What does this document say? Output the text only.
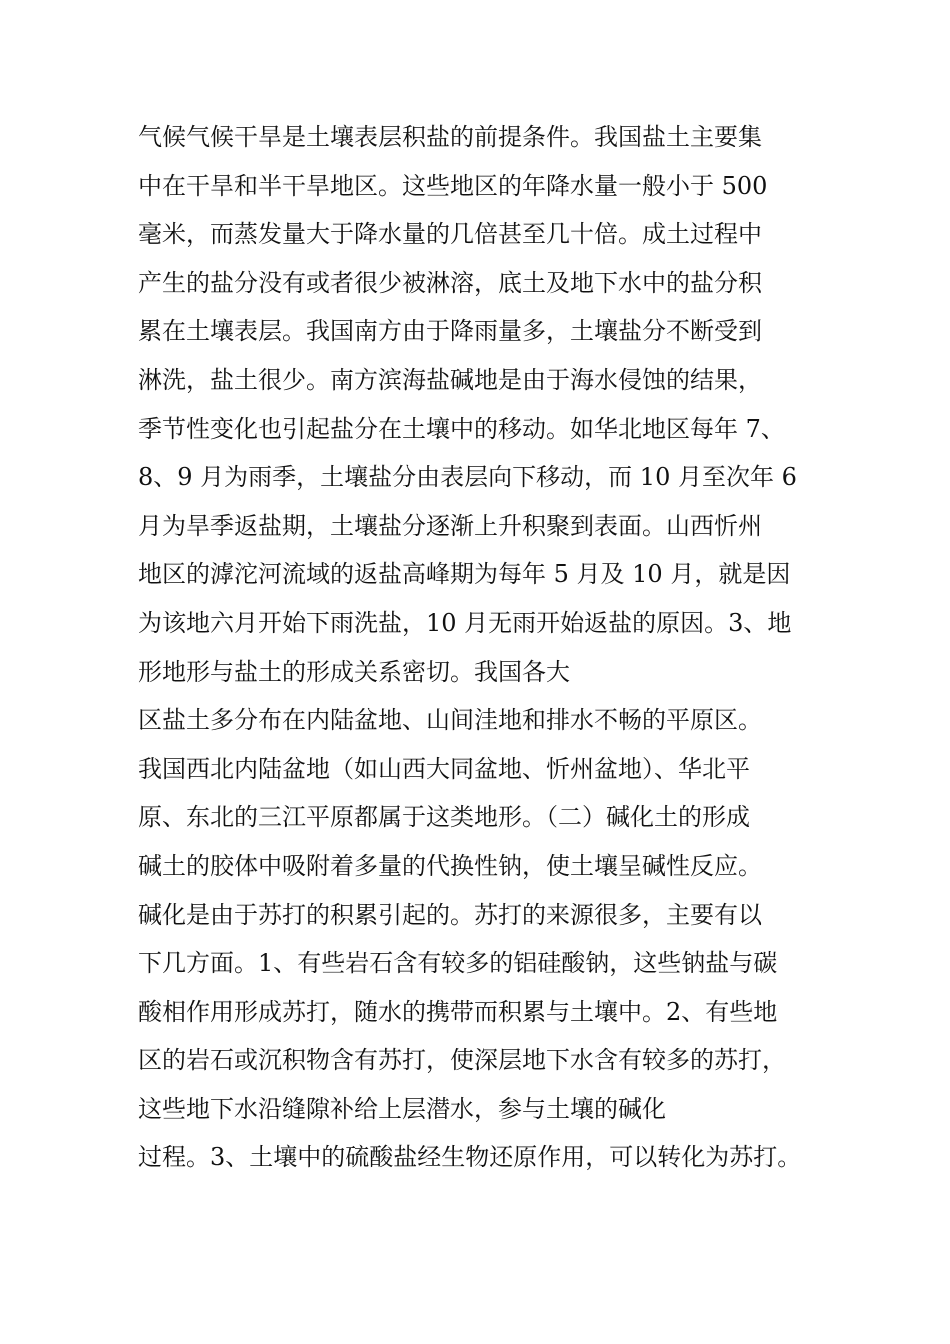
气候气候干旱是土壤表层积盐的前提条件。我国盐土主要集
中在干旱和半干旱地区。这些地区的年降水量一般小于 500
毫米，而蒸发量大于降水量的几倍甚至几十倍。成土过程中
产生的盐分没有或者很少被淋溶，底土及地下水中的盐分积
累在土壤表层。我国南方由于降雨量多，土壤盐分不断受到
淋洗，盐土很少。南方滨海盐碱地是由于海水侵蚀的结果，
季节性变化也引起盐分在土壤中的移动。如华北地区每年 7、
8、9 月为雨季，土壤盐分由表层向下移动，而 10 月至次年 6
月为旱季返盐期，土壤盐分逐渐上升积聚到表面。山西忻州
地区的滹沱河流域的返盐高峰期为每年 5 月及 10 月，就是因
为该地六月开始下雨洗盐，10 月无雨开始返盐的原因。3、地
形地形与盐土的形成关系密切。我国各大
区盐土多分布在内陆盆地、山间洼地和排水不畅的平原区。
我国西北内陆盆地（如山西大同盆地、忻州盆地）、华北平
原、东北的三江平原都属于这类地形。（二）碱化土的形成
碱土的胶体中吸附着多量的代换性钠，使土壤呈碱性反应。
碱化是由于苏打的积累引起的。苏打的来源很多，主要有以
下几方面。1、有些岩石含有较多的铝硅酸钠，这些钠盐与碳
酸相作用形成苏打，随水的携带而积累与土壤中。2、有些地
区的岩石或沉积物含有苏打，使深层地下水含有较多的苏打，
这些地下水沿缝隙补给上层潜水，参与土壤的碱化
过程。3、土壤中的硫酸盐经生物还原作用，可以转化为苏打。
